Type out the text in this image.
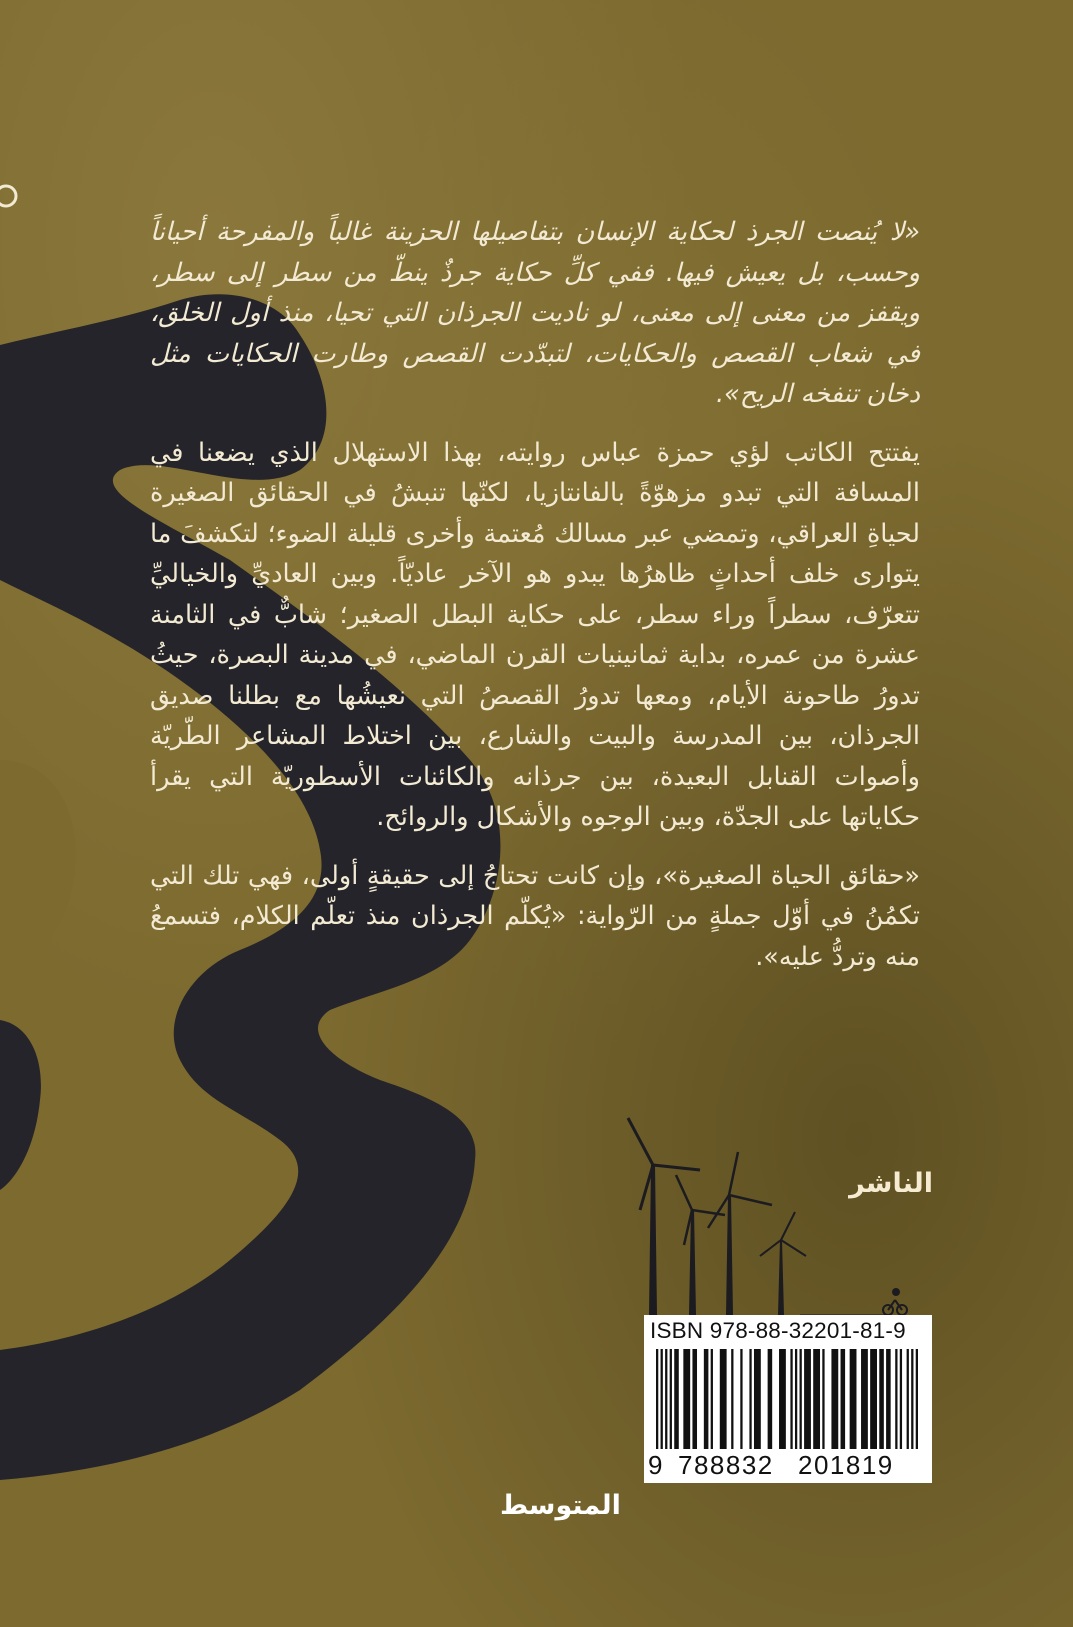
«لا يُنصت الجرذ لحكاية الإنسان بتفاصيلها الحزينة غالباً والمفرحة أحياناً وحسب، بل يعيش فيها. ففي كلِّ حكاية جرذٌ ينطّ من سطر إلى سطر، ويقفز من معنى إلى معنى، لو ناديت الجرذان التي تحيا، منذ أول الخلق، في شعاب القصص والحكايات، لتبدّدت القصص وطارت الحكايات مثل دخان تنفخه الريح».

يفتتح الكاتب لؤي حمزة عباس روايته، بهذا الاستهلال الذي يضعنا في المسافة التي تبدو مزهوّةً بالفانتازيا، لكنّها تنبشُ في الحقائق الصغيرة لحياةِ العراقي، وتمضي عبر مسالك مُعتمة وأخرى قليلة الضوء؛ لتكشفَ ما يتوارى خلف أحداثٍ ظاهرُها يبدو هو الآخر عاديّاً. وبين العاديِّ والخياليِّ تتعرّف، سطراً وراء سطر، على حكاية البطل الصغير؛ شابٌّ في الثامنة عشرة من عمره، بداية ثمانينيات القرن الماضي، في مدينة البصرة، حيثُ تدورُ طاحونة الأيام، ومعها تدورُ القصصُ التي نعيشُها مع بطلنا صديق الجرذان، بين المدرسة والبيت والشارع، بين اختلاط المشاعر الطّريّة وأصوات القنابل البعيدة، بين جرذانه والكائنات الأسطوريّة التي يقرأ حكاياتها على الجدّة، وبين الوجوه والأشكال والروائح.

«حقائق الحياة الصغيرة»، وإن كانت تحتاجُ إلى حقيقةٍ أولى، فهي تلك التي تكمُنُ في أوّل جملةٍ من الرّواية: «يُكلّم الجرذان منذ تعلّم الكلام، فتسمعُ منه وتردُّ عليه».

الناشر
ISBN 978-88-32201-81-9
9 788832 201819
المتوسط
